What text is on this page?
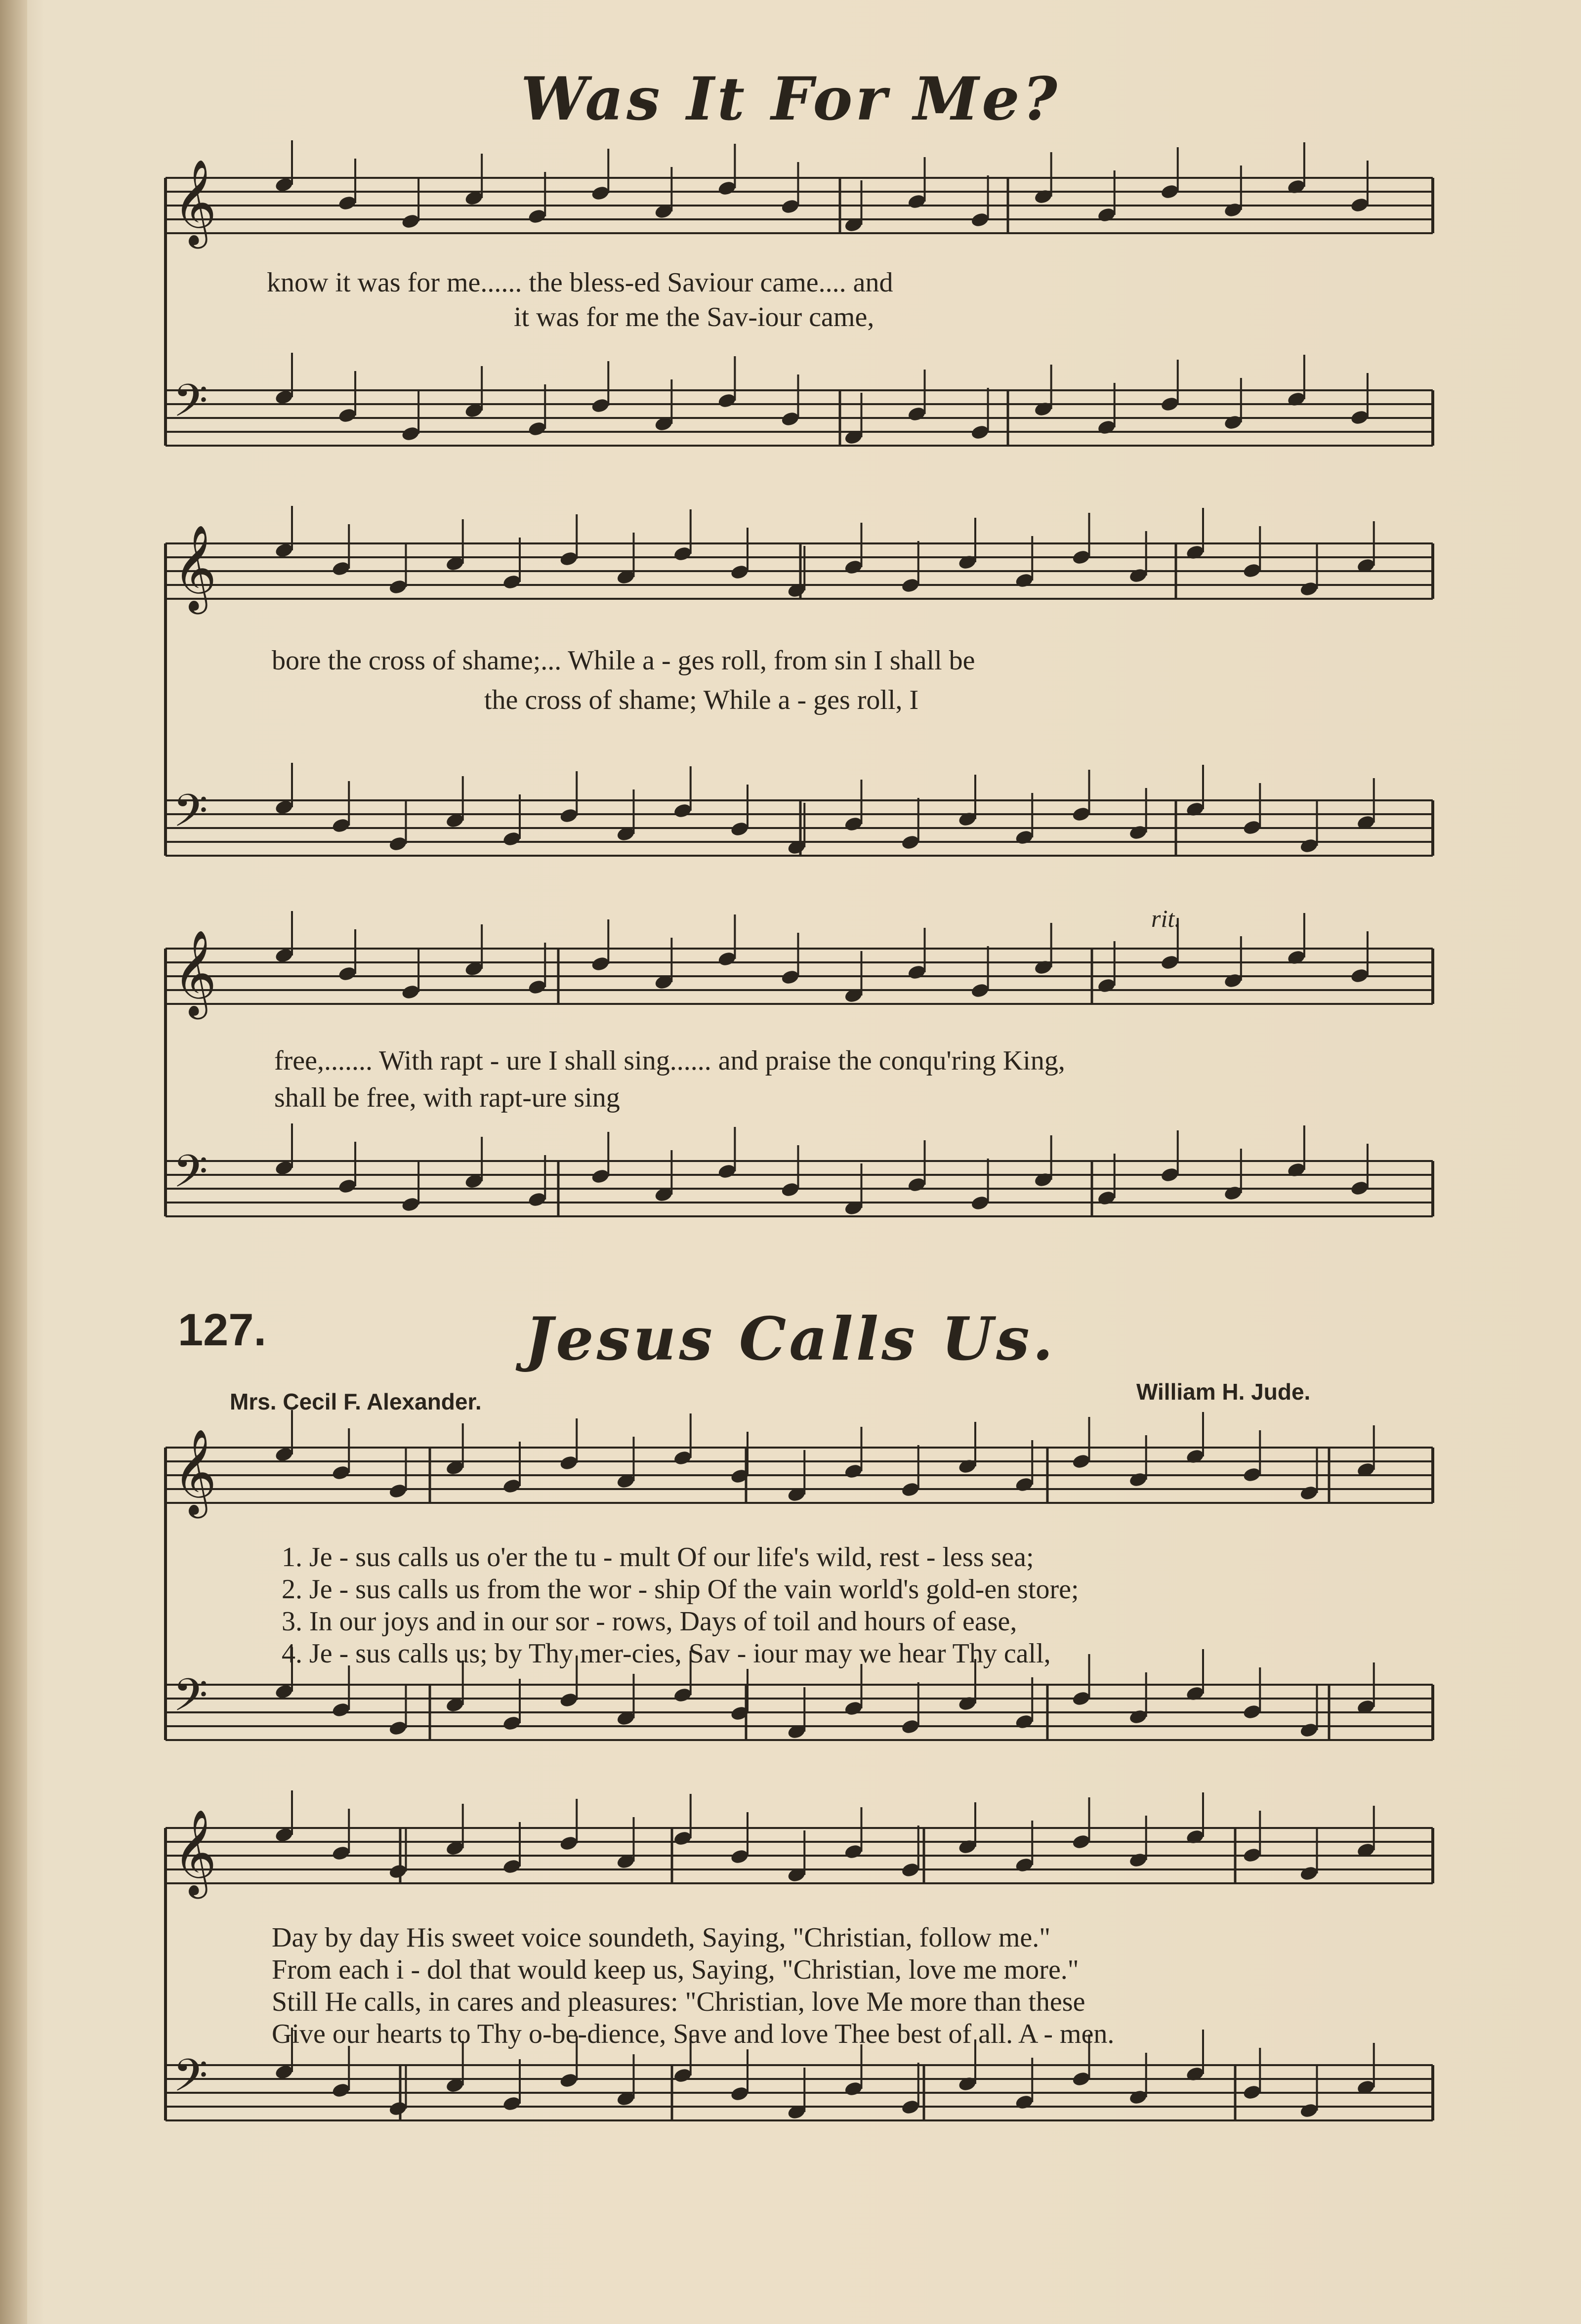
Was It For Me?
𝄞
𝄢
know it was for me...... the bless-ed Saviour came.... and
it was for me the Sav-iour came,
𝄞
𝄢
bore the cross of shame;... While a - ges roll, from sin I shall be
the cross of shame; While a - ges roll, I
rit.
𝄞
𝄢
free,....... With rapt - ure I shall sing...... and praise the conqu'ring King,
shall be free, with rapt-ure sing
127.	Jesus Calls Us.
Mrs. Cecil F. Alexander.	William H. Jude.
𝄞
𝄢
1. Je - sus calls us o'er the tu - mult Of our life's wild, rest - less sea;
2. Je - sus calls us from the wor - ship Of the vain world's gold-en store;
3. In our joys and in our sor - rows, Days of toil and hours of ease,
4. Je - sus calls us; by Thy mer-cies, Sav - iour may we hear Thy call,
𝄞
𝄢
Day by day His sweet voice soundeth, Saying, "Christian, follow me."
From each i - dol that would keep us, Saying, "Christian, love me more."
Still He calls, in cares and pleasures: "Christian, love Me more than these
Give our hearts to Thy o-be-dience, Save and love Thee best of all. A - men.
